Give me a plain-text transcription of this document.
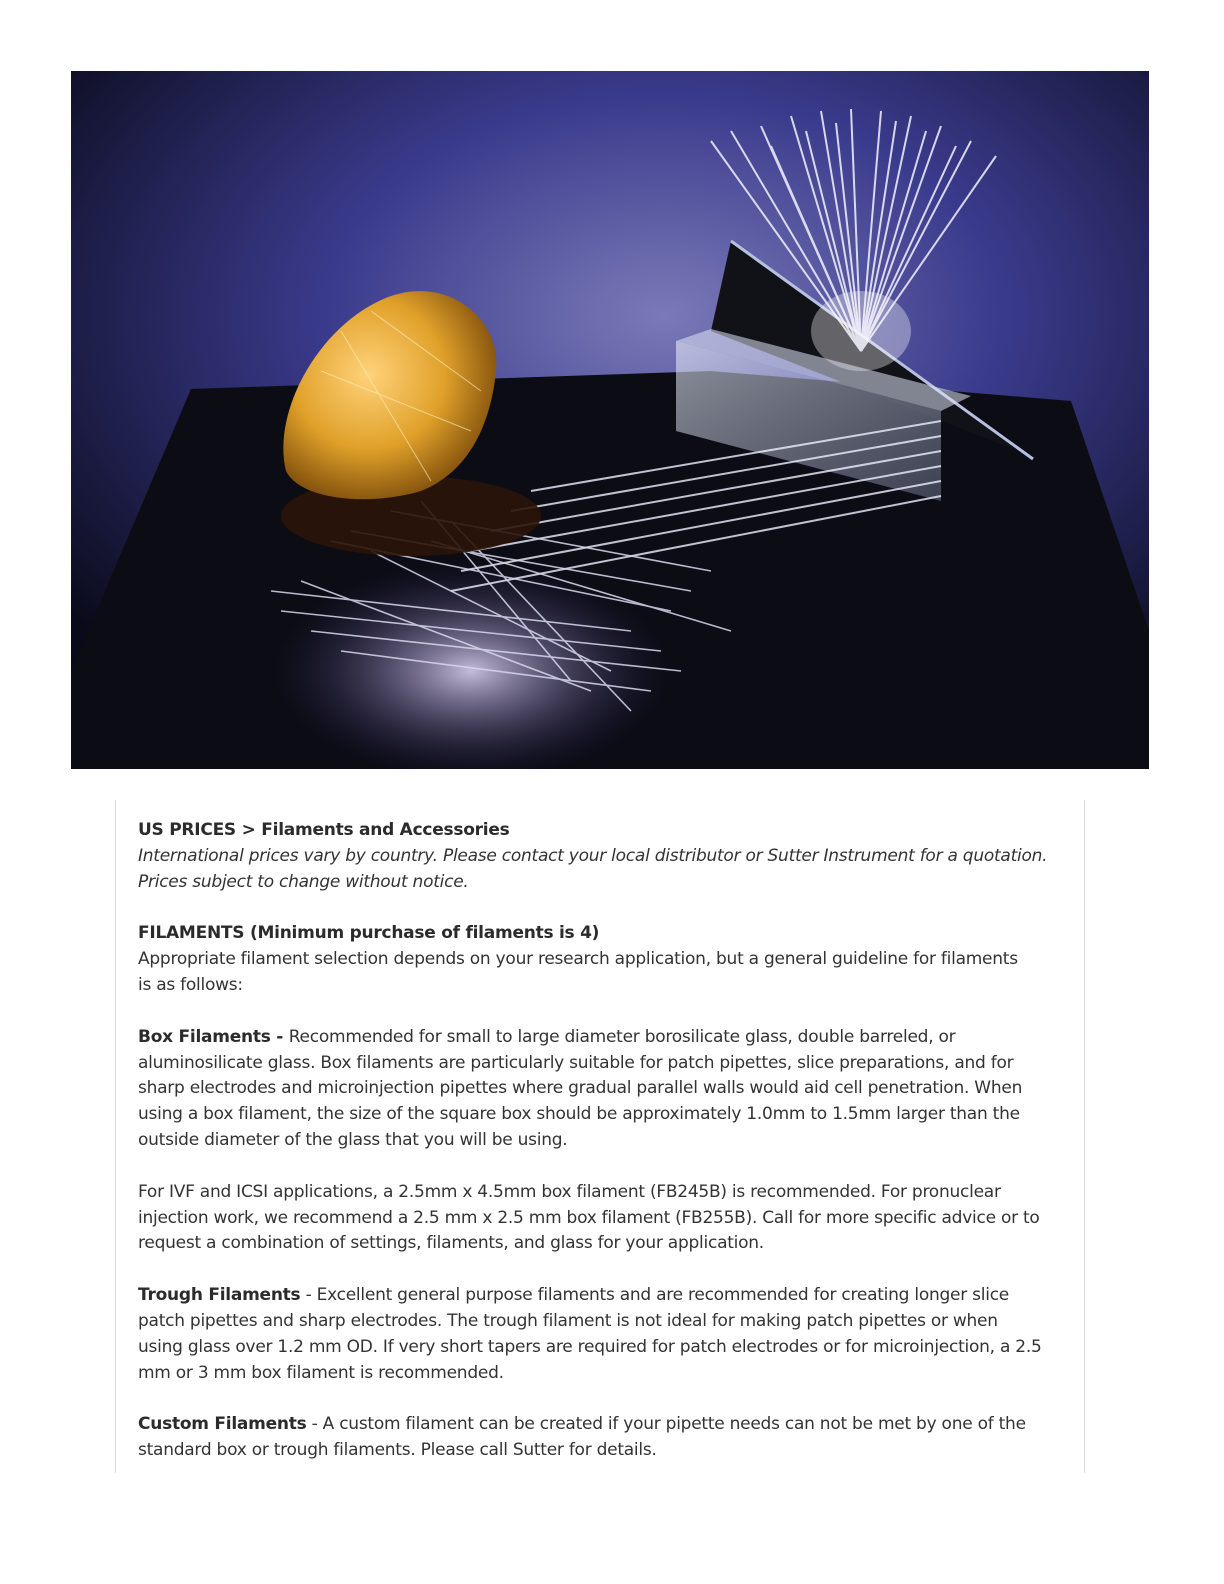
US PRICES > Filaments and Accessories
International prices vary by country. Please contact your local distributor or Sutter Instrument for a quotation.
Prices subject to change without notice.

FILAMENTS (Minimum purchase of filaments is 4)
Appropriate filament selection depends on your research application, but a general guideline for filaments
is as follows:

Box Filaments - Recommended for small to large diameter borosilicate glass, double barreled, or
aluminosilicate glass. Box filaments are particularly suitable for patch pipettes, slice preparations, and for
sharp electrodes and microinjection pipettes where gradual parallel walls would aid cell penetration. When
using a box filament, the size of the square box should be approximately 1.0mm to 1.5mm larger than the
outside diameter of the glass that you will be using.

For IVF and ICSI applications, a 2.5mm x 4.5mm box filament (FB245B) is recommended. For pronuclear
injection work, we recommend a 2.5 mm x 2.5 mm box filament (FB255B). Call for more specific advice or to
request a combination of settings, filaments, and glass for your application.

Trough Filaments - Excellent general purpose filaments and are recommended for creating longer slice
patch pipettes and sharp electrodes. The trough filament is not ideal for making patch pipettes or when
using glass over 1.2 mm OD. If very short tapers are required for patch electrodes or for microinjection, a 2.5
mm or 3 mm box filament is recommended.

Custom Filaments - A custom filament can be created if your pipette needs can not be met by one of the
standard box or trough filaments. Please call Sutter for details.
